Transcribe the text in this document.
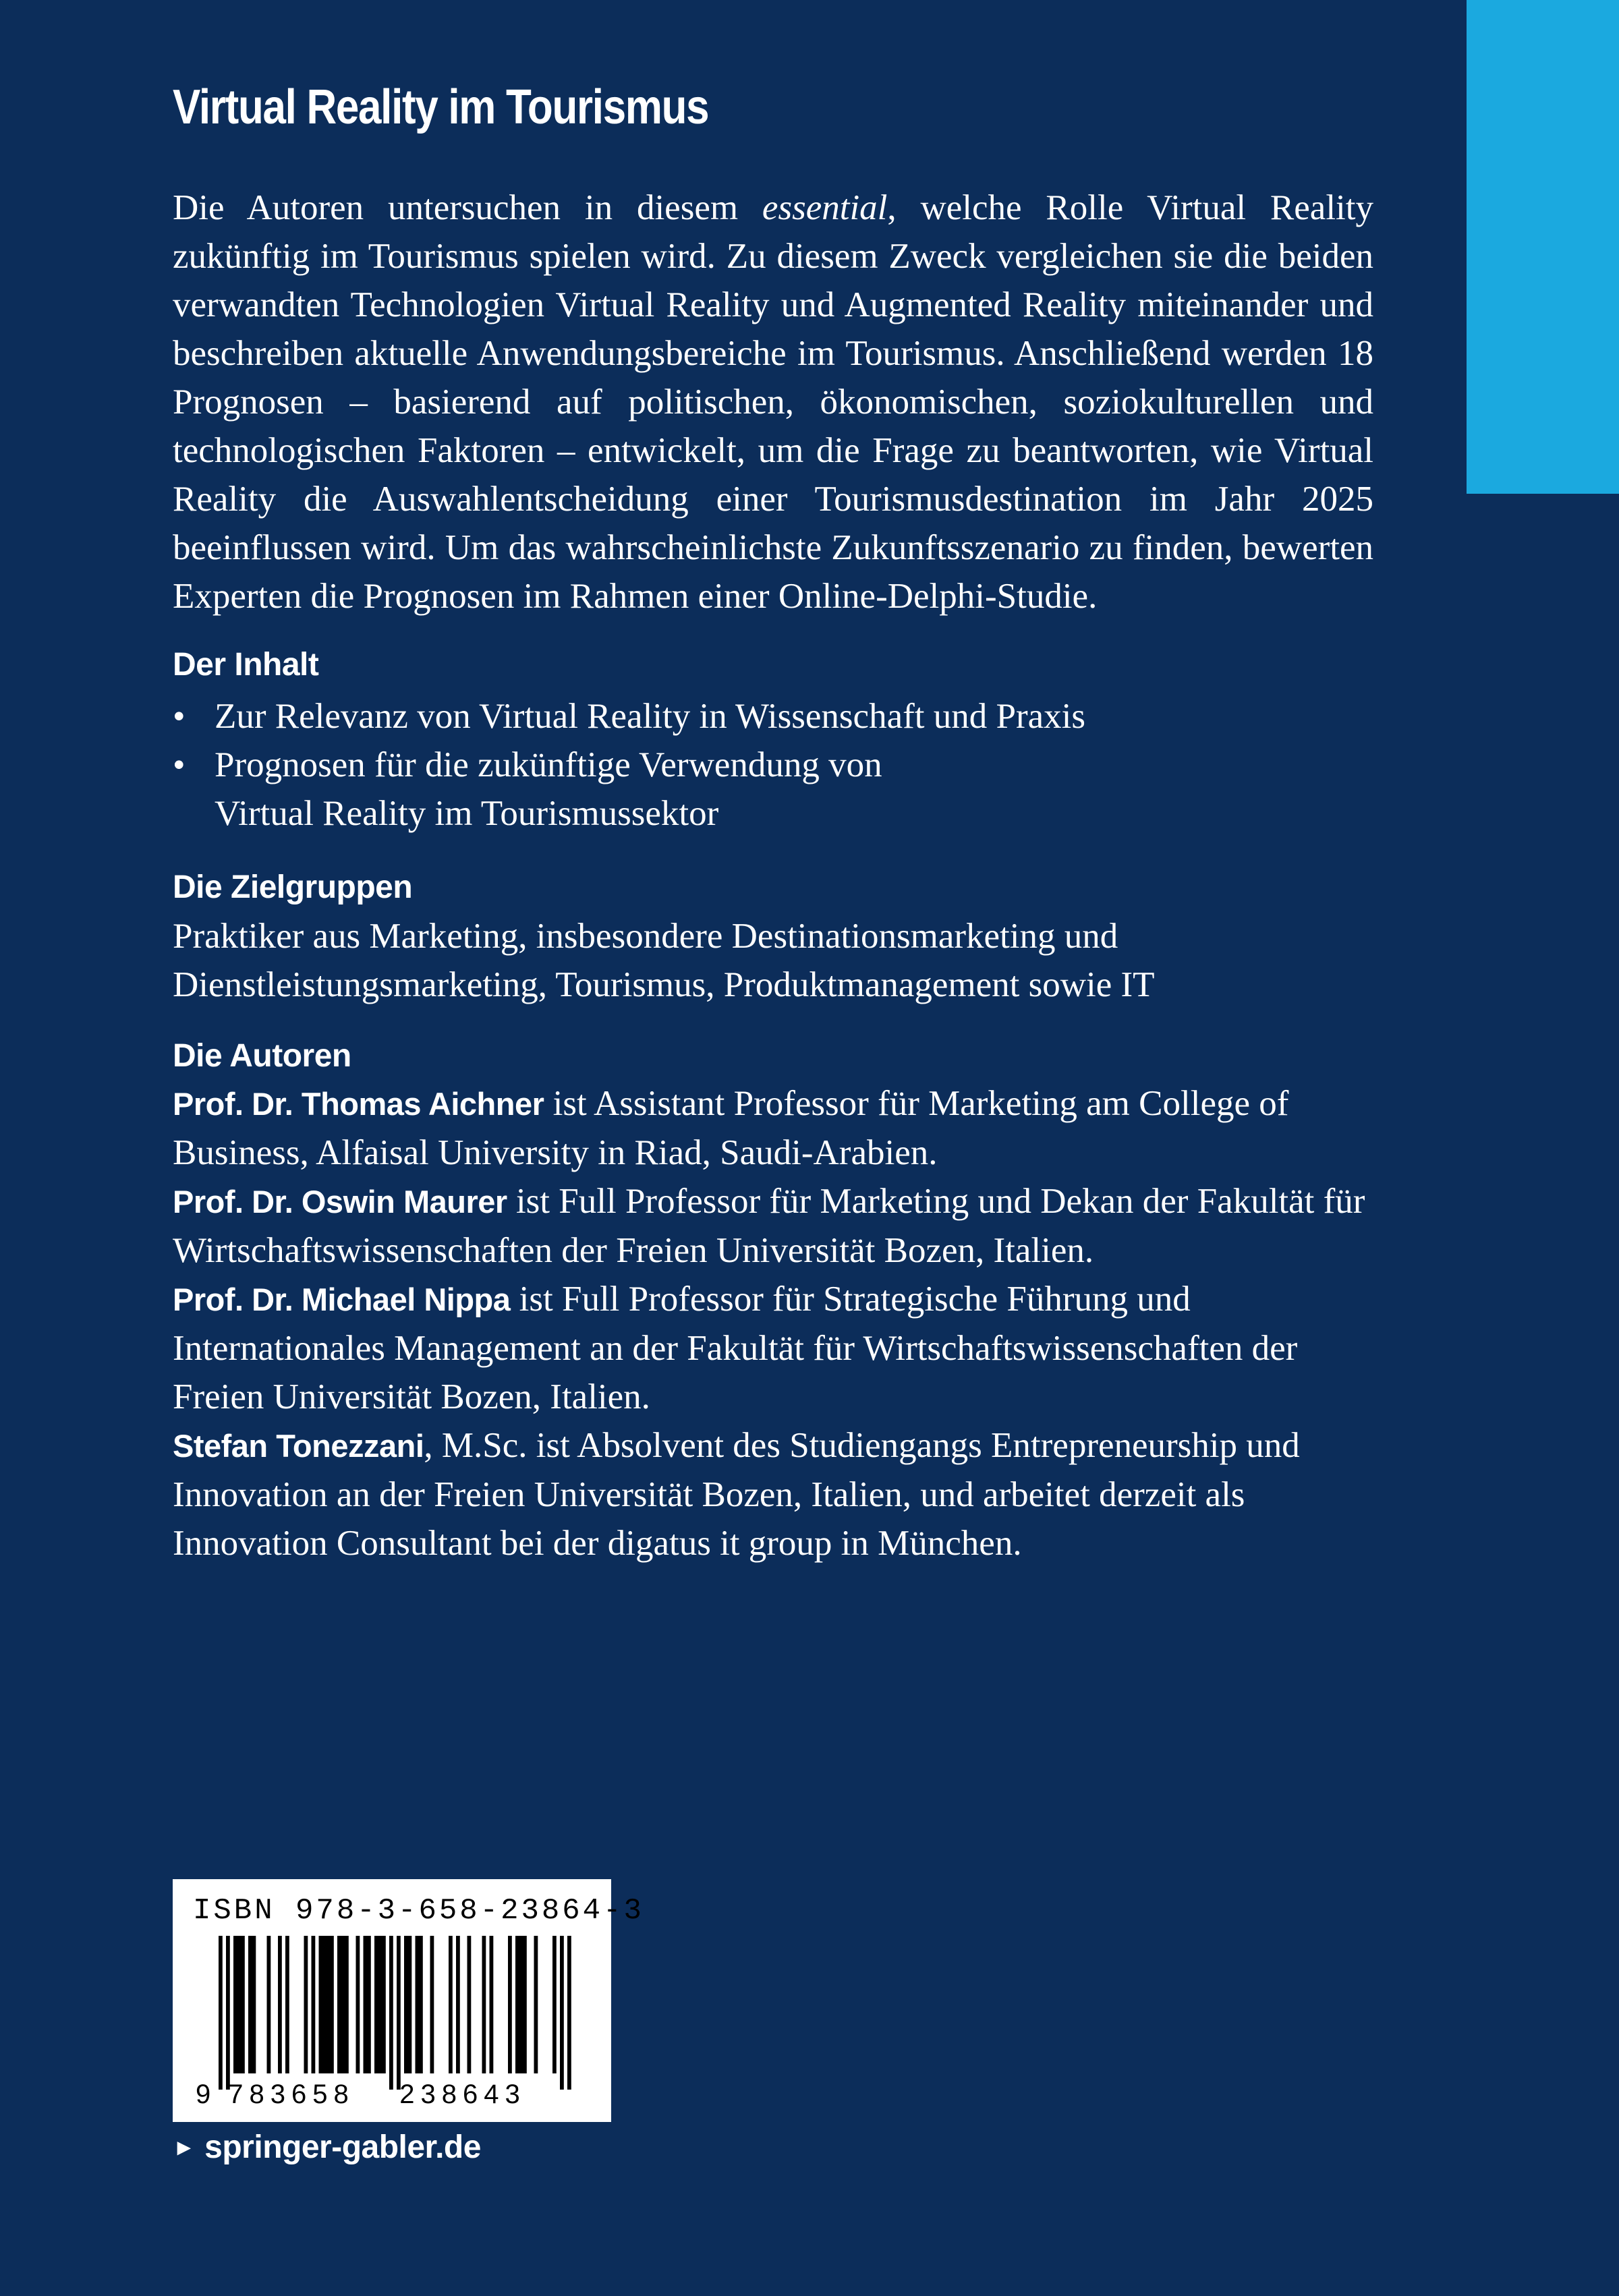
Virtual Reality im Tourismus

Die Autoren untersuchen in diesem essential, welche Rolle Virtual Reality zukünftig im Tourismus spielen wird. Zu diesem Zweck vergleichen sie die beiden verwandten Technologien Virtual Reality und Augmented Reality miteinander und beschreiben aktuelle Anwendungsbereiche im Tourismus. Anschließend werden 18 Prognosen – basierend auf politischen, ökonomischen, soziokulturellen und technologischen Faktoren – entwickelt, um die Frage zu beantworten, wie Virtual Reality die Auswahlentscheidung einer Tourismusdestination im Jahr 2025 beeinflussen wird. Um das wahrscheinlichste Zukunftsszenario zu finden, bewerten Experten die Prognosen im Rahmen einer Online-Delphi-Studie.

Der Inhalt
• Zur Relevanz von Virtual Reality in Wissenschaft und Praxis
• Prognosen für die zukünftige Verwendung von Virtual Reality im Tourismussektor
Die Zielgruppen

Praktiker aus Marketing, insbesondere Destinationsmarketing und Dienstleistungsmarketing, Tourismus, Produktmanagement sowie IT

Die Autoren

Prof. Dr. Thomas Aichner ist Assistant Professor für Marketing am College of Business, Alfaisal University in Riad, Saudi-Arabien.

Prof. Dr. Oswin Maurer ist Full Professor für Marketing und Dekan der Fakultät für Wirtschaftswissenschaften der Freien Universität Bozen, Italien.

Prof. Dr. Michael Nippa ist Full Professor für Strategische Führung und Internationales Management an der Fakultät für Wirtschaftswissenschaften der Freien Universität Bozen, Italien.

Stefan Tonezzani, M.Sc. ist Absolvent des Studiengangs Entrepreneurship und Innovation an der Freien Universität Bozen, Italien, und arbeitet derzeit als Innovation Consultant bei der digatus it group in München.

ISBN 978-3-658-23864-3
9 783658 238643
► springer-gabler.de
